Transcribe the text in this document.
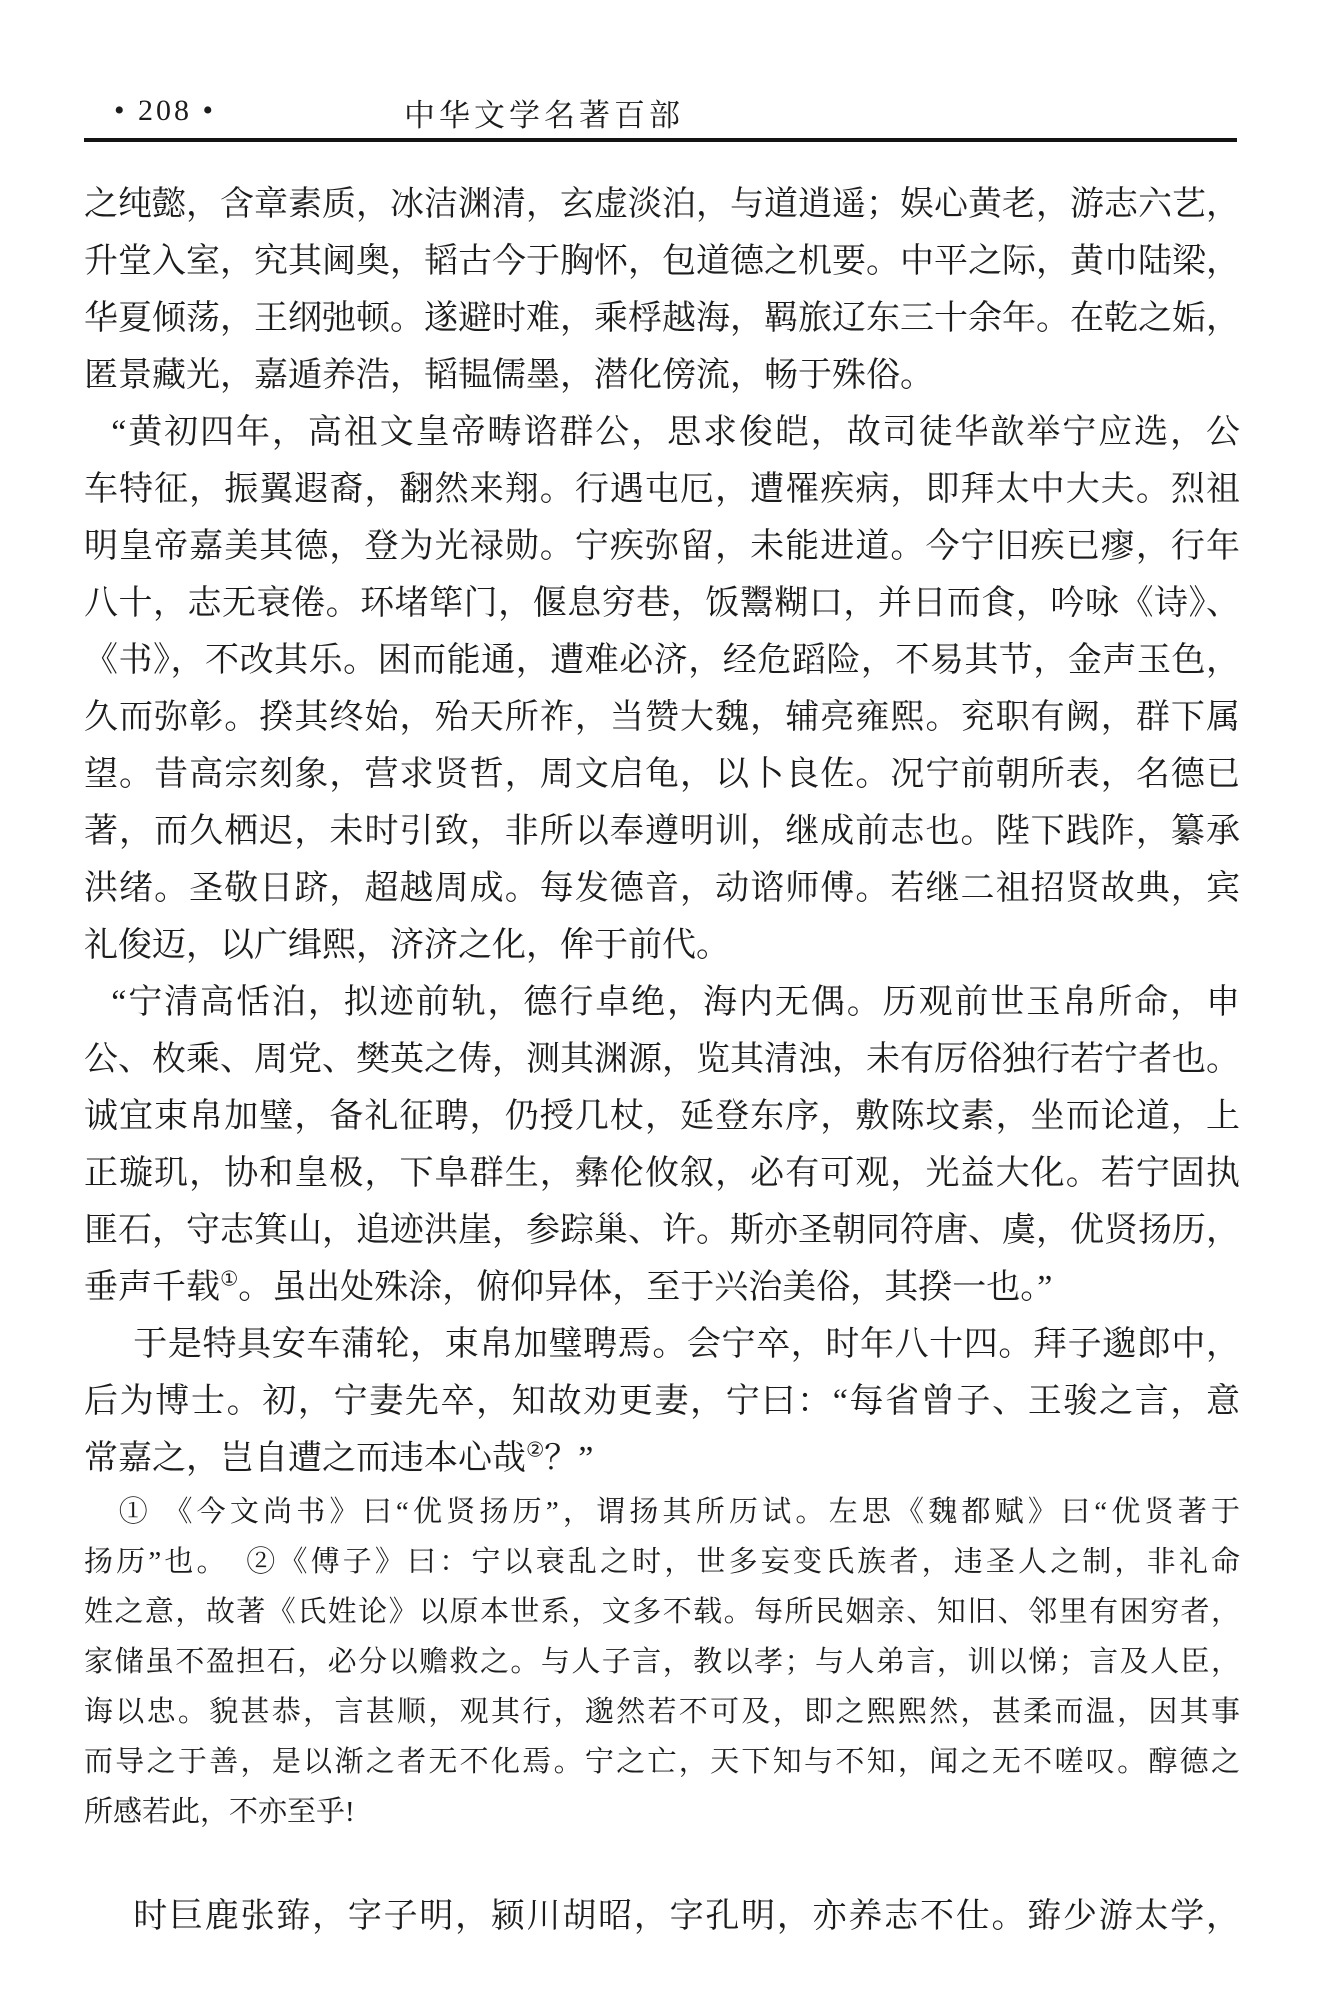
• 208 •	中华文学名著百部
之纯懿，含章素质，冰洁渊清，玄虚淡泊，与道逍遥；娱心黄老，游志六艺，
升堂入室，究其阃奥，韬古今于胸怀，包道德之机要。中平之际，黄巾陆梁，
华夏倾荡，王纲弛顿。遂避时难，乘桴越海，羁旅辽东三十余年。在乾之姤，
匿景藏光，嘉遁养浩，韬韫儒墨，潜化傍流，畅于殊俗。
“黄初四年，高祖文皇帝畴谘群公，思求俊皑，故司徒华歆举宁应选，公
车特征，振翼遐裔，翻然来翔。行遇屯厄，遭罹疾病，即拜太中大夫。烈祖
明皇帝嘉美其德，登为光禄勋。宁疾弥留，未能进道。今宁旧疾已瘳，行年
八十，志无衰倦。环堵筚门，偃息穷巷，饭鬻糊口，并日而食，吟咏《诗》、
《书》，不改其乐。困而能通，遭难必济，经危蹈险，不易其节，金声玉色，
久而弥彰。揆其终始，殆天所祚，当赞大魏，辅亮雍熙。兖职有阙，群下属
望。昔高宗刻象，营求贤哲，周文启龟，以卜良佐。况宁前朝所表，名德已
著，而久栖迟，未时引致，非所以奉遵明训，继成前志也。陛下践阼，纂承
洪绪。圣敬日跻，超越周成。每发德音，动谘师傅。若继二祖招贤故典，宾
礼俊迈，以广缉熙，济济之化，侔于前代。
“宁清高恬泊，拟迹前轨，德行卓绝，海内无偶。历观前世玉帛所命，申
公、枚乘、周党、樊英之俦，测其渊源，览其清浊，未有厉俗独行若宁者也。
诚宜束帛加璧，备礼征聘，仍授几杖，延登东序，敷陈坟素，坐而论道，上
正璇玑，协和皇极，下阜群生，彝伦攸叙，必有可观，光益大化。若宁固执
匪石，守志箕山，追迹洪崖，参踪巢、许。斯亦圣朝同符唐、虞，优贤扬历，
垂声千载①。虽出处殊涂，俯仰异体，至于兴治美俗，其揆一也。”
于是特具安车蒲轮，束帛加璧聘焉。会宁卒，时年八十四。拜子邈郎中，
后为博士。初，宁妻先卒，知故劝更妻，宁曰：“每省曾子、王骏之言，意
常嘉之，岂自遭之而违本心哉②？”
① 《今文尚书》曰“优贤扬历”，谓扬其所历试。左思《魏都赋》曰“优贤著于
扬历”也。　②《傅子》曰：宁以衰乱之时，世多妄变氏族者，违圣人之制，非礼命
姓之意，故著《氏姓论》以原本世系，文多不载。每所民姻亲、知旧、邻里有困穷者，
家储虽不盈担石，必分以赡救之。与人子言，教以孝；与人弟言，训以悌；言及人臣，
诲以忠。貌甚恭，言甚顺，观其行，邈然若不可及，即之熙熙然，甚柔而温，因其事
而导之于善，是以渐之者无不化焉。宁之亡，天下知与不知，闻之无不嗟叹。醇德之
所感若此，不亦至乎!
时巨鹿张臶，字子明，颍川胡昭，字孔明，亦养志不仕。臶少游太学，
